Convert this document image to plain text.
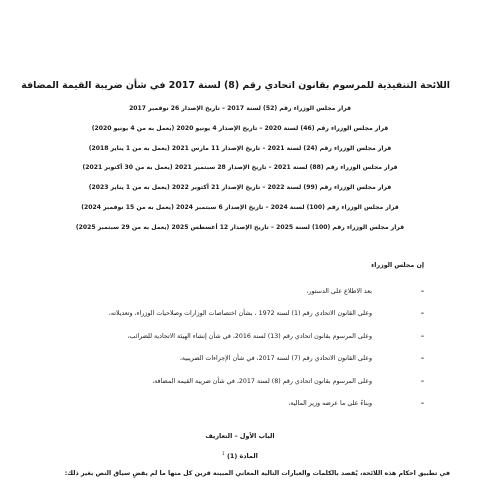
اللائحة التنفيذية للمرسوم بقانون اتحادي رقم (8) لسنة 2017 في شأن ضريبة القيمة المضافة
قرار مجلس الوزراء رقم (52) لسنة 2017 – تاريخ الإصدار 26 نوفمبر 2017
قرار مجلس الوزراء رقم (46) لسنة 2020 – تاريخ الإصدار 4 يونيو 2020 (يعمل به من 4 يونيو 2020)
قرار مجلس الوزراء رقم (24) لسنة 2021 – تاريخ الإصدار 11 مارس 2021 (يعمل به من 1 يناير 2018)
قرار مجلس الوزراء رقم (88) لسنة 2021 – تاريخ الإصدار 28 سبتمبر 2021 (يعمل به من 30 أكتوبر 2021)
قرار مجلس الوزراء رقم (99) لسنة 2022 – تاريخ الإصدار 21 أكتوبر 2022 (يعمل به من 1 يناير 2023)
قرار مجلس الوزراء رقم (100) لسنة 2024 – تاريخ الإصدار 6 سبتمبر 2024 (يعمل به من 15 نوفمبر 2024)
قرار مجلس الوزراء رقم (100) لسنة 2025 – تاريخ الإصدار 12 أغسطس 2025 (يعمل به من 29 سبتمبر 2025)
إن مجلس الوزراء
–
بعد الاطلاع على الدستور،
–
وعلى القانون الاتحادي رقم (1) لسنة 1972 ، بشأن اختصاصات الوزارات وصلاحيات الوزراء، وتعديلاته،
–
وعلى المرسوم بقانون اتحادي رقم (13) لسنة 2016، في شأن إنشاء الهيئة الاتحادية للضرائب،
–
وعلى القانون الاتحادي رقم (7) لسنة 2017، في شأن الإجراءات الضريبية،
–
وعلى المرسوم بقانون اتحادي رقم (8) لسنة 2017، في شأن ضريبة القيمة المضافة،
–
وبناءً على ما عرضه وزير المالية،
الباب الأول – التعاريف
المادة (1) $^1$
في تطبيق أحكام هذه اللائحة، يُقصد بالكلمات والعبارات التالية المعاني المبينة قرين كل منها ما لم يقضِ سياق النص بغير ذلك:
